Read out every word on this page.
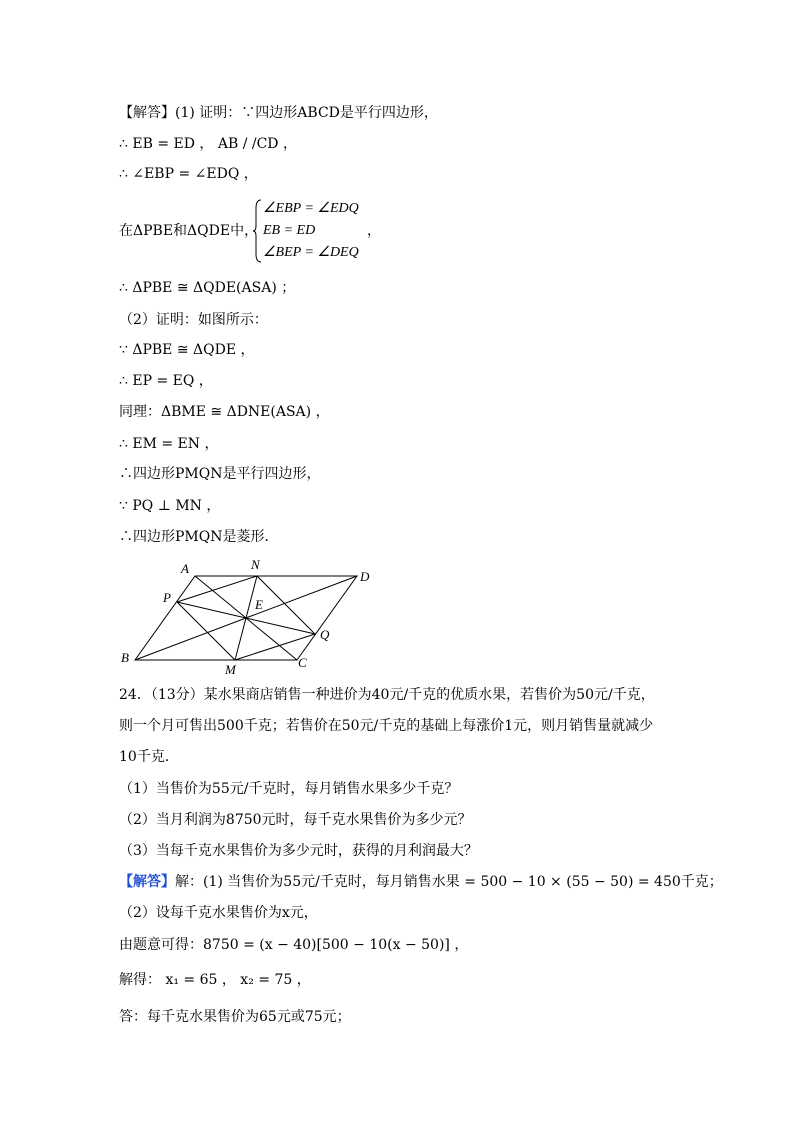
【解答】(1) 证明：∵四边形ABCD是平行四边形，
∴ EB = ED ， AB / /CD ，
∴ ∠EBP = ∠EDQ ，
在ΔPBE和ΔQDE中，
∠EBP = ∠EDQ
EB = ED
∠BEP = ∠DEQ
，
∴ ΔPBE ≅ ΔQDE(ASA) ；
（2）证明：如图所示：
∵ ΔPBE ≅ ΔQDE ，
∴ EP = EQ ，
同理：ΔBME ≅ ΔDNE(ASA) ，
∴ EM = EN ，
∴四边形PMQN是平行四边形，
∵ PQ ⊥ MN ，
∴四边形PMQN是菱形．
A	N
D
P	E
Q
B
M	C
24．（13分）某水果商店销售一种进价为40元/千克的优质水果，若售价为50元/千克，
则一个月可售出500千克；若售价在50元/千克的基础上每涨价1元，则月销售量就减少
10千克．
（1）当售价为55元/千克时，每月销售水果多少千克？
（2）当月利润为8750元时，每千克水果售价为多少元？
（3）当每千克水果售价为多少元时，获得的月利润最大？
【解答】解：(1) 当售价为55元/千克时，每月销售水果 = 500 − 10 × (55 − 50) = 450千克；
（2）设每千克水果售价为x元，
由题意可得：8750 = (x − 40)[500 − 10(x − 50)] ，
解得： x₁ = 65 ， x₂ = 75 ，
答：每千克水果售价为65元或75元；
